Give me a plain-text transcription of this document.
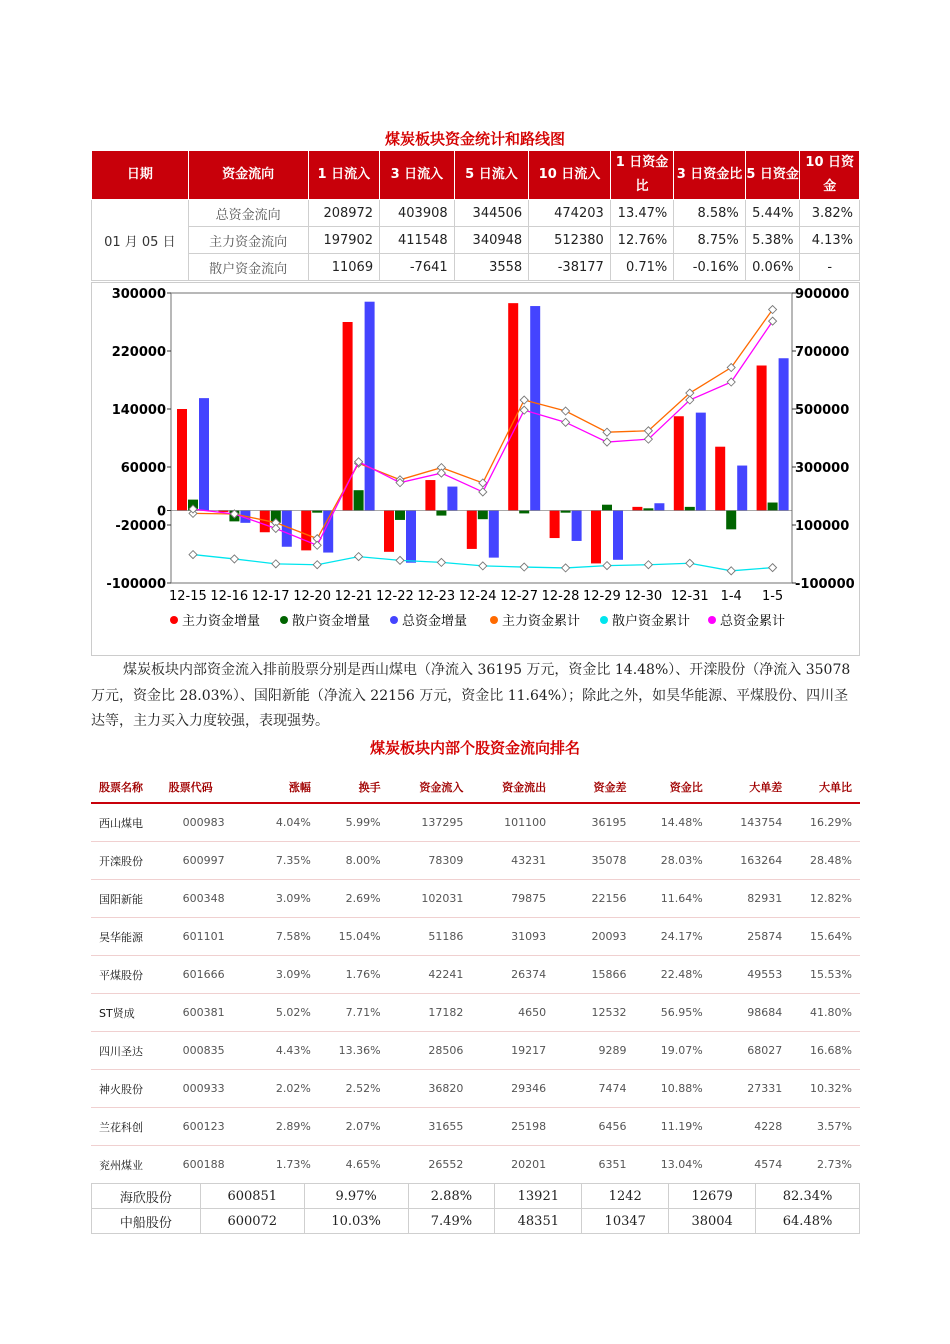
煤炭板块资金统计和路线图
日期	资金流向	1 日流入	3 日流入	5 日流入	10 日流入	1 日资金比	3 日资金比	5 日资金	10 日资金
01 月 05 日	总资金流向	208972	403908	344506	474203	13.47%	8.58%	5.44%	3.82%
	主力资金流向	197902	411548	340948	512380	12.76%	8.75%	5.38%	4.13%
	散户资金流向	11069	-7641	3558	-38177	0.71%	-0.16%	0.06%	-
300000
220000
140000
60000
0
-20000
-100000
900000
700000
500000
300000
100000
-100000
12-15 12-16 12-17 12-20 12-21 12-22 12-23 12-24 12-27 12-28 12-29 12-30 12-31 1-4 1-5
主力资金增量 散户资金增量 总资金增量	主力资金累计 散户资金累计 总资金累计
煤炭板块内部资金流入排前股票分别是西山煤电（净流入 36195 万元，资金比 14.48%）、开滦股份（净流入 35078 万元，资金比 28.03%）、国阳新能（净流入 22156 万元，资金比 11.64%）；除此之外，如昊华能源、平煤股份、四川圣达等，主力买入力度较强，表现强势。
煤炭板块内部个股资金流向排名
股票名称	股票代码	涨幅	换手	资金流入	资金流出	资金差	资金比	大单差	大单比
西山煤电	000983	4.04%	5.99%	137295	101100	36195	14.48%	143754	16.29%
开滦股份	600997	7.35%	8.00%	78309	43231	35078	28.03%	163264	28.48%
国阳新能	600348	3.09%	2.69%	102031	79875	22156	11.64%	82931	12.82%
昊华能源	601101	7.58%	15.04%	51186	31093	20093	24.17%	25874	15.64%
平煤股份	601666	3.09%	1.76%	42241	26374	15866	22.48%	49553	15.53%
ST贤成	600381	5.02%	7.71%	17182	4650	12532	56.95%	98684	41.80%
四川圣达	000835	4.43%	13.36%	28506	19217	9289	19.07%	68027	16.68%
神火股份	000933	2.02%	2.52%	36820	29346	7474	10.88%	27331	10.32%
兰花科创	600123	2.89%	2.07%	31655	25198	6456	11.19%	4228	3.57%
兖州煤业	600188	1.73%	4.65%	26552	20201	6351	13.04%	4574	2.73%
海欣股份	600851	9.97%	2.88%	13921	1242	12679	82.34%
中船股份	600072	10.03%	7.49%	48351	10347	38004	64.48%
